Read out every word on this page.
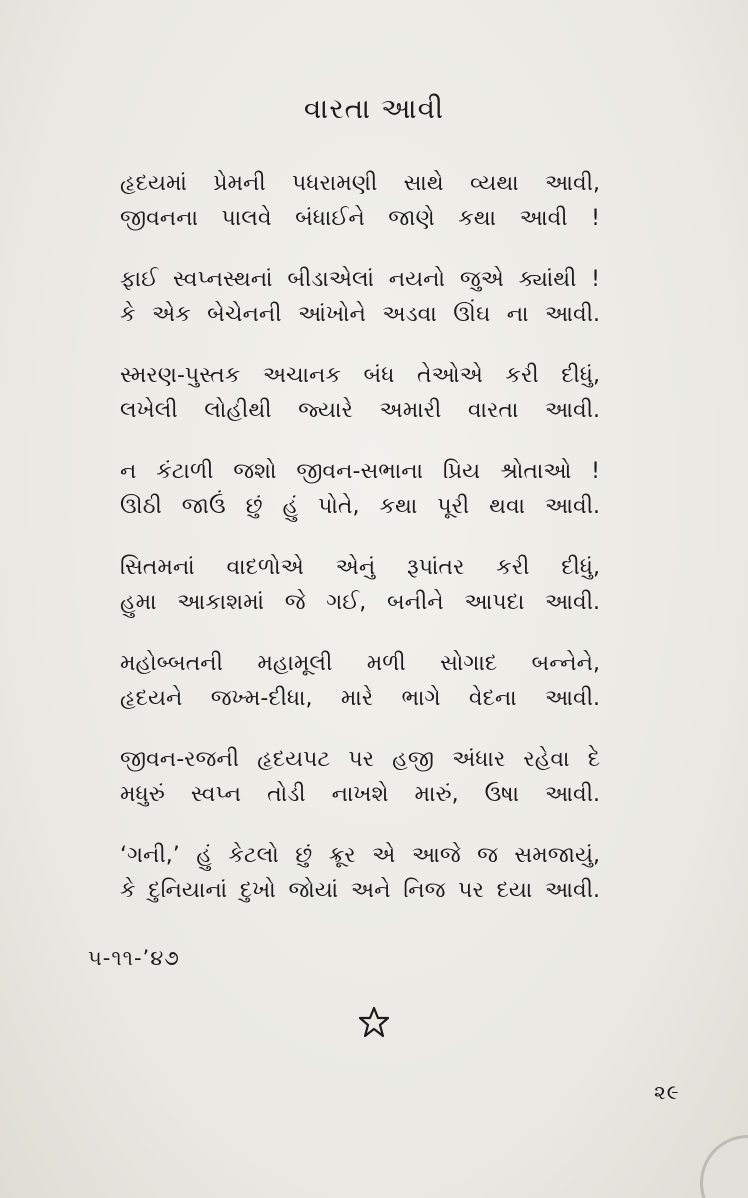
વારતા આવી
હૃદયમાં પ્રેમની પધરામણી સાથે વ્યથા આવી,
જીવનના પાલવે બંધાઈને જાણે કથા આવી !
ફાઈ સ્વપ્નસ્થનાં બીડાએલાં નયનો જુએ ક્યાંથી !
કે એક બેચેનની આંખોને અડવા ઊંઘ ના આવી.
સ્મરણ-પુસ્તક અચાનક બંધ તેઓએ કરી દીધું,
લખેલી લોહીથી જ્યારે અમારી વારતા આવી.
ન કંટાળી જશો જીવન-સભાના પ્રિય શ્રોતાઓ !
ઊઠી જાઉં છું હું પોતે, કથા પૂરી થવા આવી.
સિતમનાં વાદળોએ એનું રૂપાંતર કરી દીધું,
હુમા આકાશમાં જે ગઈ, બનીને આપદા આવી.
મહોબ્બતની મહામૂલી મળી સોગાદ બન્નેને,
હૃદયને જખ્મ-દીધા, મારે ભાગે વેદના આવી.
જીવન-રજની હૃદયપટ પર હજી અંધાર રહેવા દે
મધુરું સ્વપ્ન તોડી નાખશે મારું, ઉષા આવી.
‘ગની,’ હું કેટલો છું ક્રૂર એ આજે જ સમજાયું,
કે દુનિયાનાં દુખો જોયાં અને નિજ પર દયા આવી.
૫-૧૧-’૪૭
૨૯
